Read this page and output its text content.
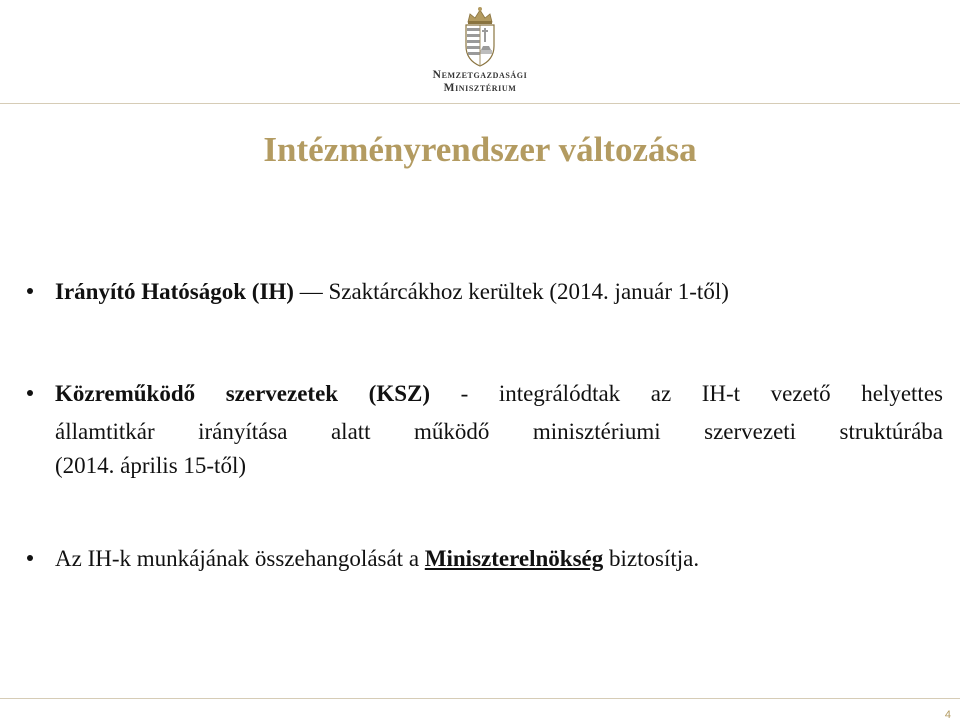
Nemzetgazdasági
Minisztérium
Intézményrendszer változása
Irányító Hatóságok (IH) — Szaktárcákhoz kerültek (2014. január 1-től)
Közreműködő szervezetek (KSZ) - integrálódtak az IH-t vezető helyettes
államtitkár irányítása alatt működő minisztériumi szervezeti struktúrába
(2014. április 15-től)
Az IH-k munkájának összehangolását a Miniszterelnökség biztosítja.
4
